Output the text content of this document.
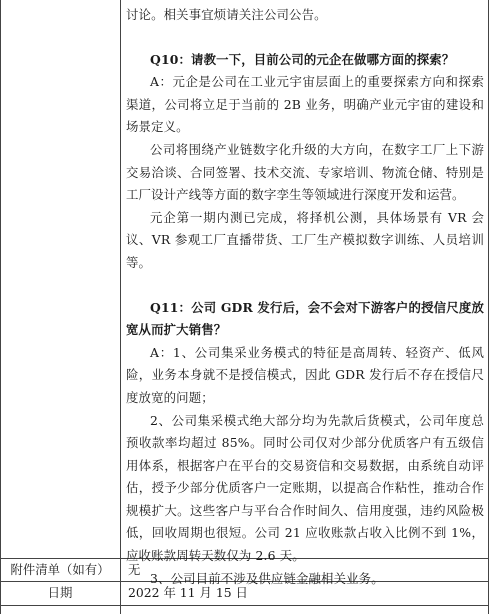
讨论。相关事宜烦请关注公司公告。

Q10：请教一下，目前公司的元企在做哪方面的探索？

A：元企是公司在工业元宇宙层面上的重要探索方向和探索渠道，公司将立足于当前的 2B 业务，明确产业元宇宙的建设和场景定义。

公司将围绕产业链数字化升级的大方向，在数字工厂上下游交易洽谈、合同签署、技术交流、专家培训、物流仓储、特别是工厂设计产线等方面的数字孪生等领域进行深度开发和运营。

元企第一期内测已完成，将择机公测，具体场景有 VR 会议、VR 参观工厂直播带货、工厂生产模拟数字训练、人员培训等。

Q11：公司 GDR 发行后，会不会对下游客户的授信尺度放宽从而扩大销售？

A：1、公司集采业务模式的特征是高周转、轻资产、低风险，业务本身就不是授信模式，因此 GDR 发行后不存在授信尺度放宽的问题；

2、公司集采模式绝大部分均为先款后货模式，公司年度总预收款率均超过 85%。同时公司仅对少部分优质客户有五级信用体系，根据客户在平台的交易资信和交易数据，由系统自动评估，授予少部分优质客户一定账期，以提高合作粘性，推动合作规模扩大。这些客户与平台合作时间久、信用度强，违约风险极低，回收周期也很短。公司 21 应收账款占收入比例不到 1%，应收账款周转天数仅为 2.6 天。

3、公司目前不涉及供应链金融相关业务。

附件清单（如有）	无
日期	2022 年 11 月 15 日
